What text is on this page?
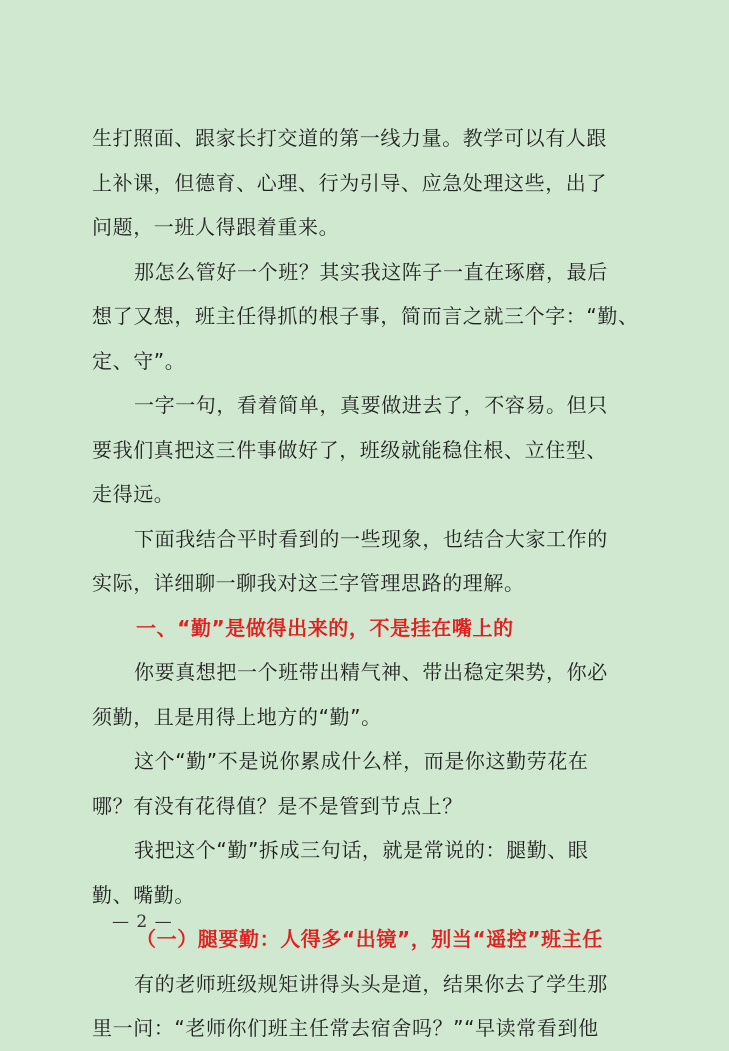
生打照面、跟家长打交道的第一线力量。教学可以有人跟
上补课，但德育、心理、行为引导、应急处理这些，出了
问题，一班人得跟着重来。
那怎么管好一个班？其实我这阵子一直在琢磨，最后
想了又想，班主任得抓的根子事，简而言之就三个字：“勤、
定、守”。
一字一句，看着简单，真要做进去了，不容易。但只
要我们真把这三件事做好了，班级就能稳住根、立住型、
走得远。
下面我结合平时看到的一些现象，也结合大家工作的
实际，详细聊一聊我对这三字管理思路的理解。
一、“勤”是做得出来的，不是挂在嘴上的
你要真想把一个班带出精气神、带出稳定架势，你必
须勤，且是用得上地方的“勤”。
这个“勤”不是说你累成什么样，而是你这勤劳花在
哪？有没有花得值？是不是管到节点上？
我把这个“勤”拆成三句话，就是常说的：腿勤、眼
勤、嘴勤。
（一）腿要勤：人得多“出镜”，别当“遥控”班主任
有的老师班级规矩讲得头头是道，结果你去了学生那
里一问：“老师你们班主任常去宿舍吗？”“早读常看到他
— 2 —
